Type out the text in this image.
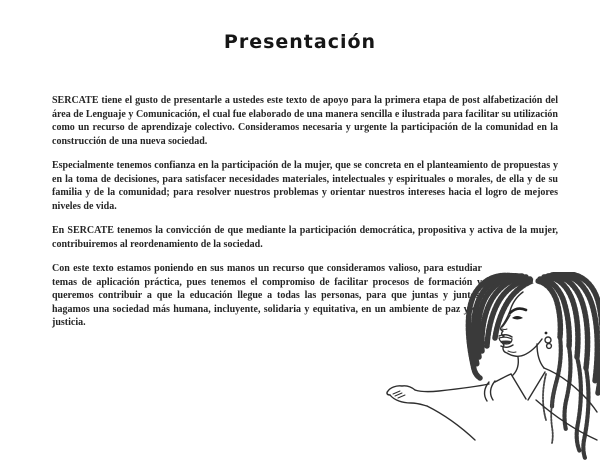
Presentación

SERCATE tiene el gusto de presentarle a ustedes este texto de apoyo para la primera etapa de post alfabetización del área de Lenguaje y Comunicación, el cual fue elaborado de una manera sencilla e ilustrada para facilitar su utilización como un recurso de aprendizaje colectivo. Consideramos necesaria y urgente la participación de la comunidad en la construcción de una nueva sociedad.

Especialmente tenemos confianza en la participación de la mujer, que se concreta en el planteamiento de propuestas y en la toma de decisiones, para satisfacer necesidades materiales, intelectuales y espirituales o morales, de ella y de su familia y de la comunidad; para resolver nuestros problemas y orientar nuestros intereses hacia el logro de mejores niveles de vida.

En SERCATE tenemos la convicción de que mediante la participación democrática, propositiva y activa de la mujer, contribuiremos al reordenamiento de la sociedad.

Con este texto estamos poniendo en sus manos un recurso que consideramos valioso, para estudiar temas de aplicación práctica, pues tenemos el compromiso de facilitar procesos de formación y queremos contribuir a que la educación llegue a todas las personas, para que juntas y juntos, hagamos una sociedad más humana, incluyente, solidaria y equitativa, en un ambiente de paz y de justicia.
